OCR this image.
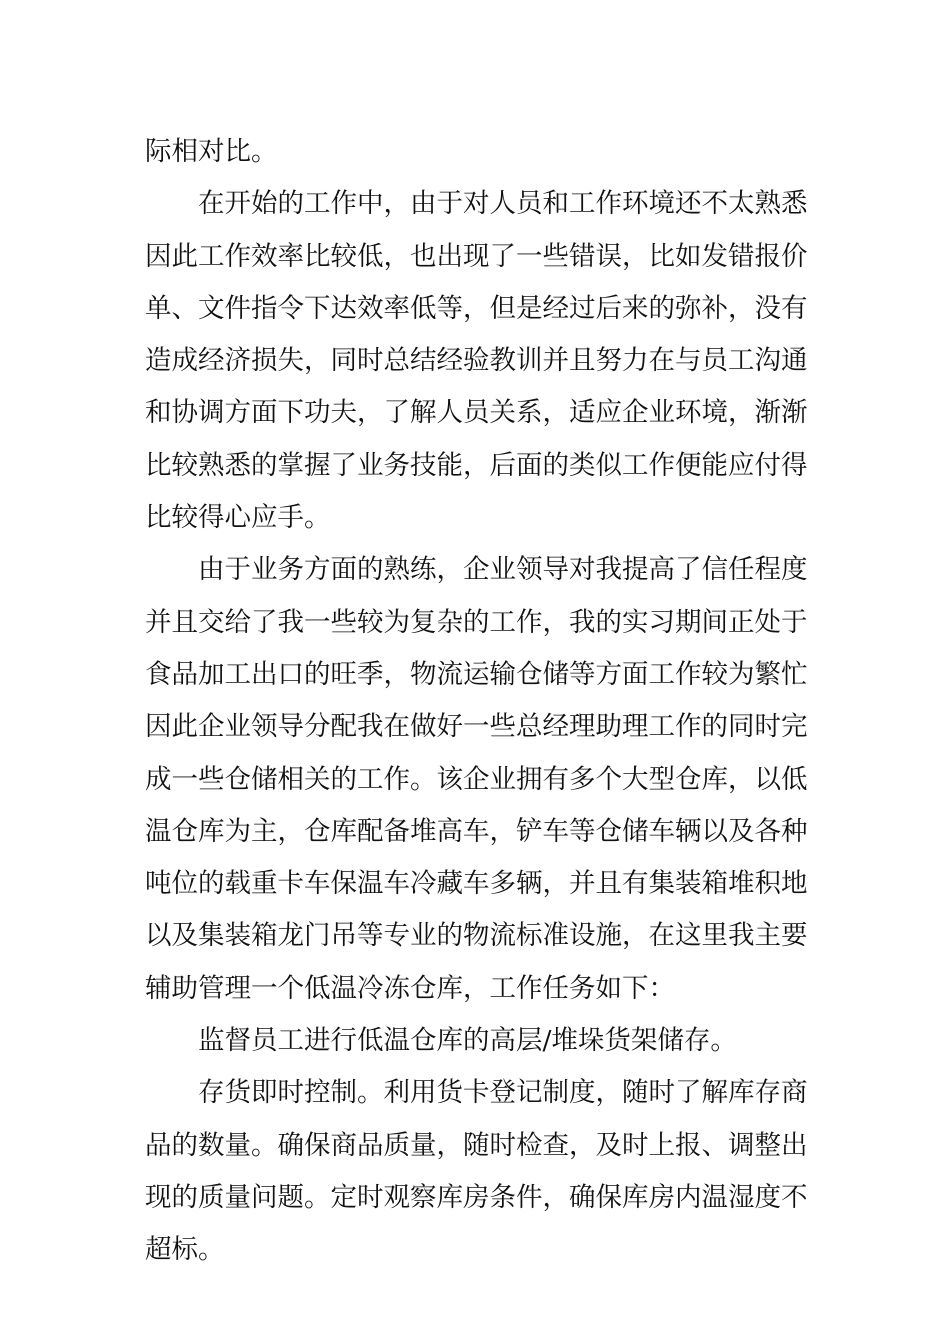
际相对比。
在开始的工作中，由于对人员和工作环境还不太熟悉
因此工作效率比较低，也出现了一些错误，比如发错报价
单、文件指令下达效率低等，但是经过后来的弥补，没有
造成经济损失，同时总结经验教训并且努力在与员工沟通
和协调方面下功夫，了解人员关系，适应企业环境，渐渐
比较熟悉的掌握了业务技能，后面的类似工作便能应付得
比较得心应手。
由于业务方面的熟练，企业领导对我提高了信任程度
并且交给了我一些较为复杂的工作，我的实习期间正处于
食品加工出口的旺季，物流运输仓储等方面工作较为繁忙
因此企业领导分配我在做好一些总经理助理工作的同时完
成一些仓储相关的工作。该企业拥有多个大型仓库，以低
温仓库为主，仓库配备堆高车，铲车等仓储车辆以及各种
吨位的载重卡车保温车冷藏车多辆，并且有集装箱堆积地
以及集装箱龙门吊等专业的物流标准设施，在这里我主要
辅助管理一个低温冷冻仓库，工作任务如下：
监督员工进行低温仓库的高层/堆垛货架储存。
存货即时控制。利用货卡登记制度，随时了解库存商
品的数量。确保商品质量，随时检查，及时上报、调整出
现的质量问题。定时观察库房条件，确保库房内温湿度不
超标。
